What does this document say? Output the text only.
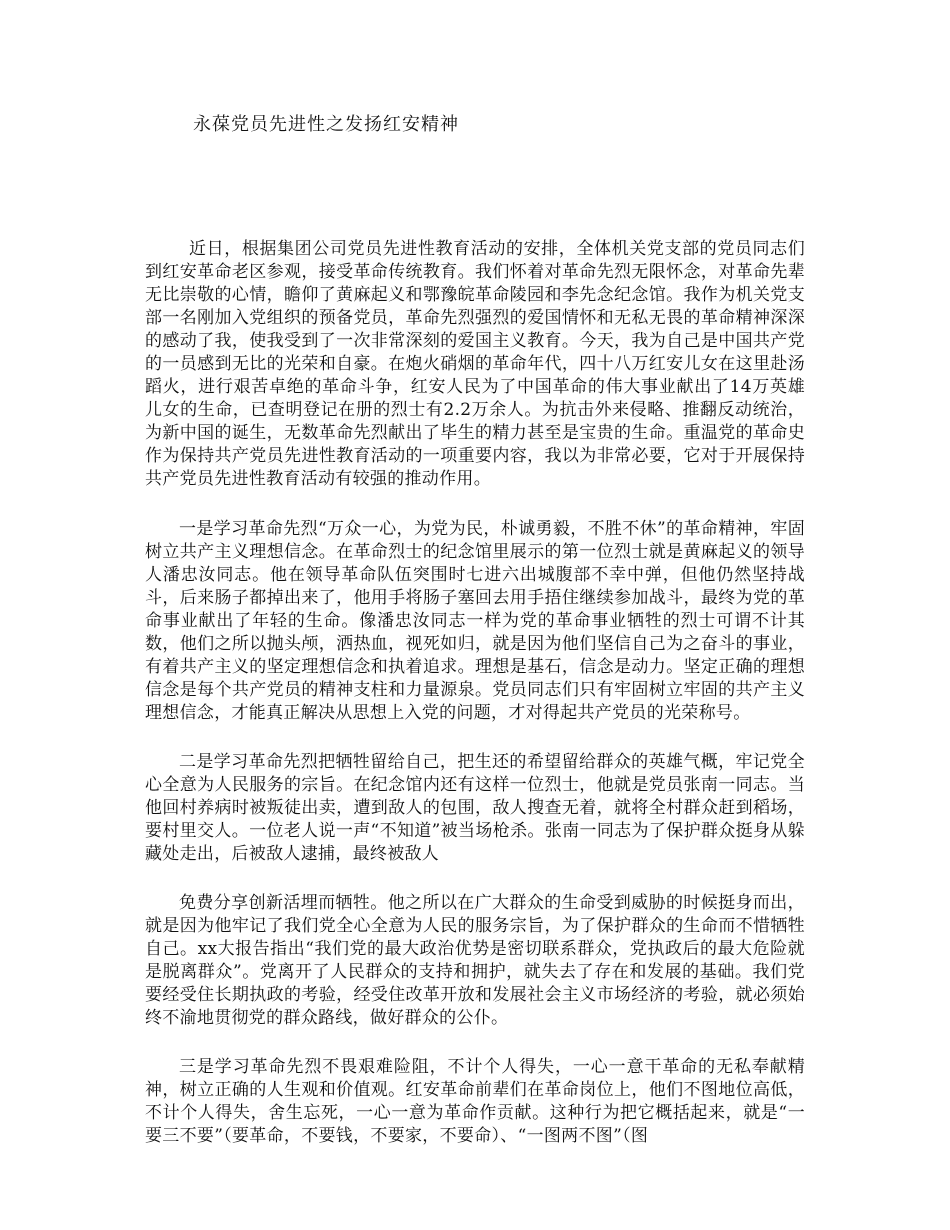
永葆党员先进性之发扬红安精神

近日，根据集团公司党员先进性教育活动的安排，全体机关党支部的党员同志们到红安革命老区参观，接受革命传统教育。我们怀着对革命先烈无限怀念，对革命先辈无比崇敬的心情，瞻仰了黄麻起义和鄂豫皖革命陵园和李先念纪念馆。我作为机关党支部一名刚加入党组织的预备党员，革命先烈强烈的爱国情怀和无私无畏的革命精神深深的感动了我，使我受到了一次非常深刻的爱国主义教育。今天，我为自己是中国共产党的一员感到无比的光荣和自豪。在炮火硝烟的革命年代，四十八万红安儿女在这里赴汤蹈火，进行艰苦卓绝的革命斗争，红安人民为了中国革命的伟大事业献出了14万英雄儿女的生命，已查明登记在册的烈士有2.2万余人。为抗击外来侵略、推翻反动统治，为新中国的诞生，无数革命先烈献出了毕生的精力甚至是宝贵的生命。重温党的革命史作为保持共产党员先进性教育活动的一项重要内容，我以为非常必要，它对于开展保持共产党员先进性教育活动有较强的推动作用。

一是学习革命先烈“万众一心，为党为民，朴诚勇毅，不胜不休”的革命精神，牢固树立共产主义理想信念。在革命烈士的纪念馆里展示的第一位烈士就是黄麻起义的领导人潘忠汝同志。他在领导革命队伍突围时七进六出城腹部不幸中弹，但他仍然坚持战斗，后来肠子都掉出来了，他用手将肠子塞回去用手捂住继续参加战斗，最终为党的革命事业献出了年轻的生命。像潘忠汝同志一样为党的革命事业牺牲的烈士可谓不计其数，他们之所以抛头颅，洒热血，视死如归，就是因为他们坚信自己为之奋斗的事业，有着共产主义的坚定理想信念和执着追求。理想是基石，信念是动力。坚定正确的理想信念是每个共产党员的精神支柱和力量源泉。党员同志们只有牢固树立牢固的共产主义理想信念，才能真正解决从思想上入党的问题，才对得起共产党员的光荣称号。

二是学习革命先烈把牺牲留给自己，把生还的希望留给群众的英雄气概，牢记党全心全意为人民服务的宗旨。在纪念馆内还有这样一位烈士，他就是党员张南一同志。当他回村养病时被叛徒出卖，遭到敌人的包围，敌人搜查无着，就将全村群众赶到稻场，要村里交人。一位老人说一声“不知道”被当场枪杀。张南一同志为了保护群众挺身从躲藏处走出，后被敌人逮捕，最终被敌人

免费分享创新活埋而牺牲。他之所以在广大群众的生命受到威胁的时候挺身而出，就是因为他牢记了我们党全心全意为人民的服务宗旨，为了保护群众的生命而不惜牺牲自己。xx大报告指出“我们党的最大政治优势是密切联系群众，党执政后的最大危险就是脱离群众”。党离开了人民群众的支持和拥护，就失去了存在和发展的基础。我们党要经受住长期执政的考验，经受住改革开放和发展社会主义市场经济的考验，就必须始终不渝地贯彻党的群众路线，做好群众的公仆。

三是学习革命先烈不畏艰难险阻，不计个人得失，一心一意干革命的无私奉献精神，树立正确的人生观和价值观。红安革命前辈们在革命岗位上，他们不图地位高低，不计个人得失，舍生忘死，一心一意为革命作贡献。这种行为把它概括起来，就是“一要三不要”（要革命，不要钱，不要家，不要命）、“一图两不图”（图
